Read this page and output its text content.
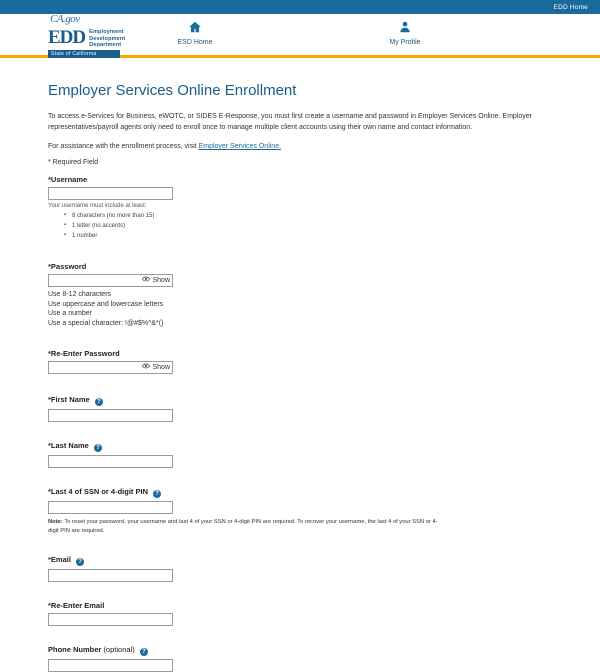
EDD Home
CA.gov
EDD Employment
Development
Department
State of California
ESD Home	My Profile
Employer Services Online Enrollment

To access e-Services for Business, eWOTC, or SIDES E-Response, you must first create a username and password in Employer Services Online. Employer representatives/payroll agents only need to enroll once to manage multiple client accounts using their own name and contact information.

For assistance with the enrollment process, visit Employer Services Online.

* Required Field

*Username
Your username must include at least:
▪ 8 characters (no more than 15)
▪ 1 letter (no accents)
▪ 1 number
*Password
Show
Use 8-12 characters
Use uppercase and lowercase letters
Use a number
Use a special character: !@#$%^&*()
*Re-Enter Password
Show
*First Name ?
*Last Name ?
*Last 4 of SSN or 4-digit PIN ?
Note: To reset your password, your username and last 4 of your SSN or 4-digit PIN are required. To recover your username, the last 4 of your SSN or 4-digit PIN are required.
*Email ?
*Re-Enter Email
Phone Number (optional) ?
